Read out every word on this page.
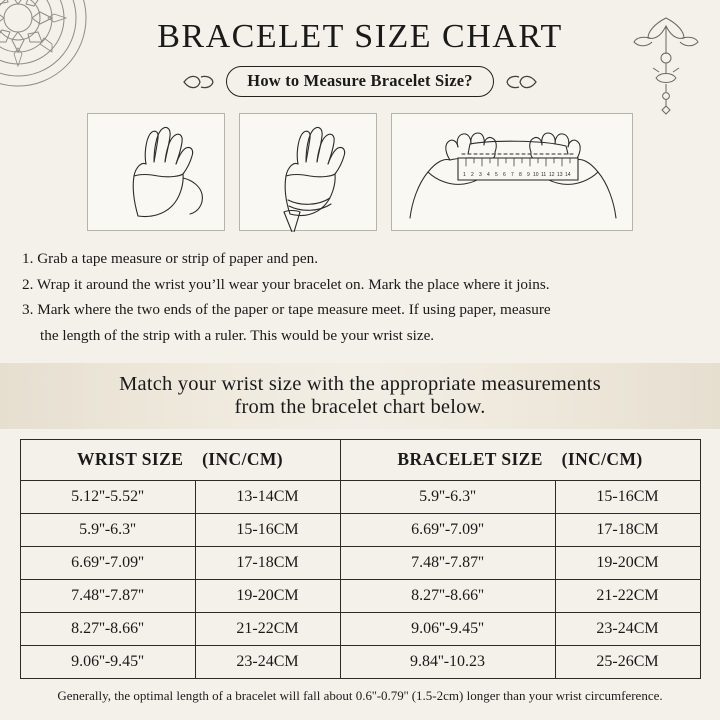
BRACELET SIZE CHART
How to Measure Bracelet Size?
1 2 3 4 5 6 7 8 9 10 11 12 13 14
1. Grab a tape measure or strip of paper and pen.
2. Wrap it around the wrist you’ll wear your bracelet on. Mark the place where it joins.
3. Mark where the two ends of the paper or tape measure meet. If using paper, measure
the length of the strip with a ruler. This would be your wrist size.
Match your wrist size with the appropriate measurements
from the bracelet chart below.
WRIST SIZE (INC/CM)		BRACELET SIZE (INC/CM)	
5.12''-5.52''	13-14CM	5.9''-6.3''	15-16CM
5.9''-6.3''	15-16CM	6.69''-7.09''	17-18CM
6.69''-7.09''	17-18CM	7.48''-7.87''	19-20CM
7.48''-7.87''	19-20CM	8.27''-8.66''	21-22CM
8.27''-8.66''	21-22CM	9.06''-9.45''	23-24CM
9.06''-9.45''	23-24CM	9.84''-10.23	25-26CM
Generally, the optimal length of a bracelet will fall about 0.6''-0.79'' (1.5-2cm) longer than your wrist circumference.
